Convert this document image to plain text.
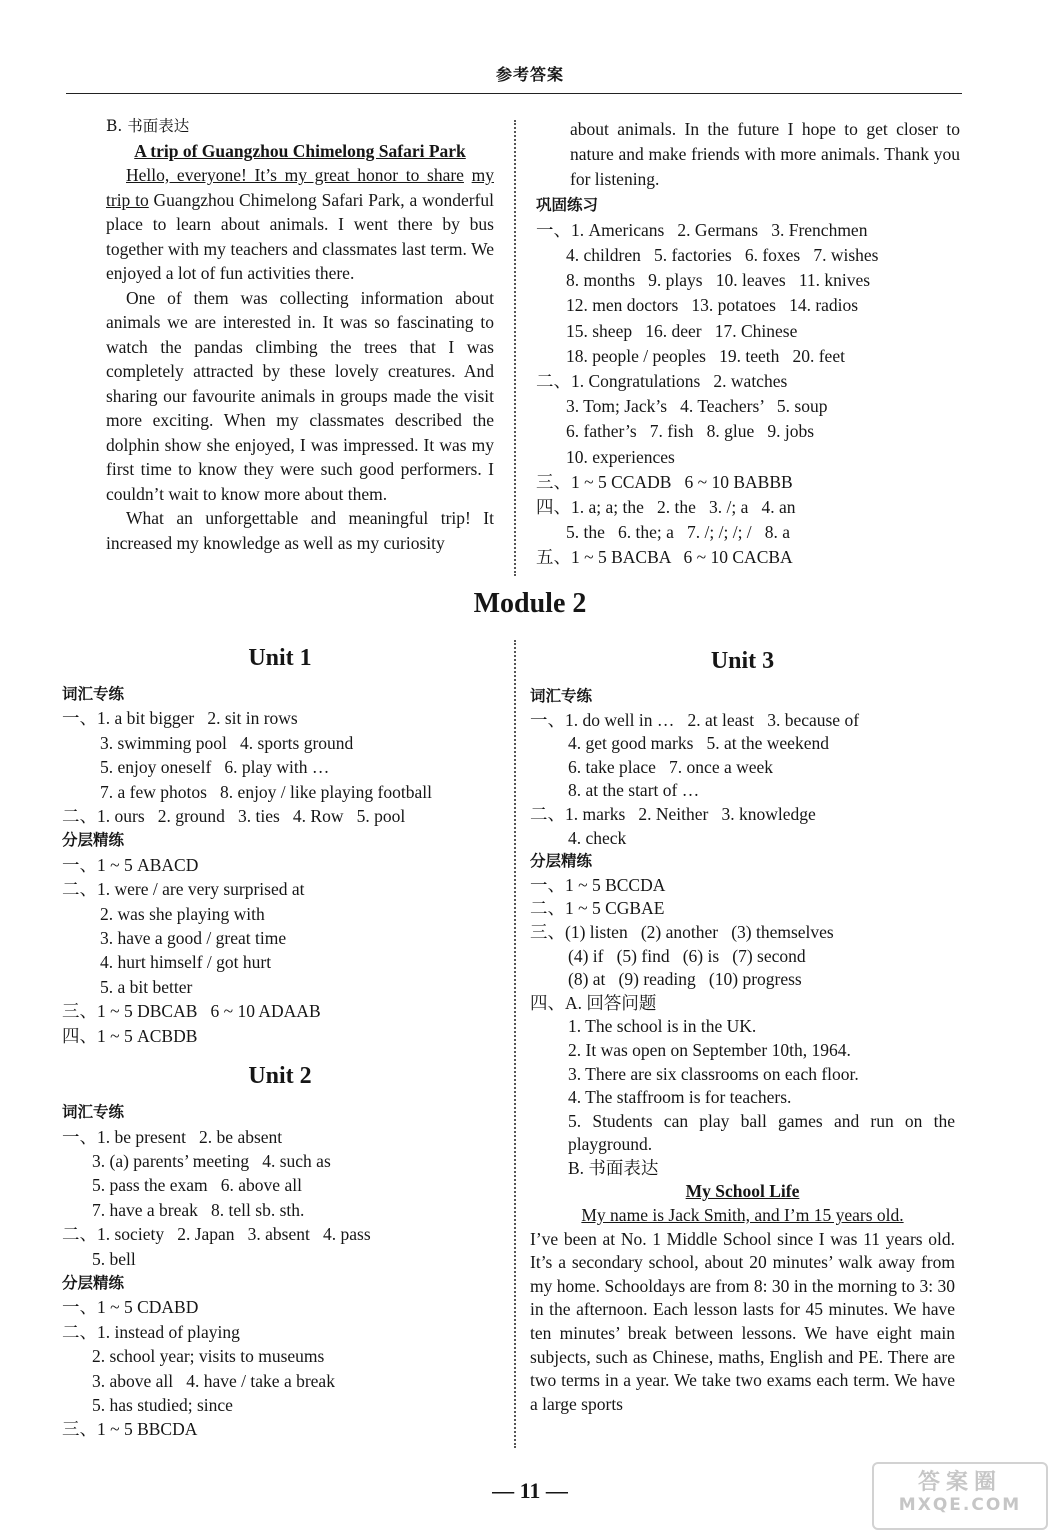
参考答案
B. 书面表达
A trip of Guangzhou Chimelong Safari Park

Hello, everyone! It’s my great honor to share my trip to Guangzhou Chimelong Safari Park, a wonderful place to learn about animals. I went there by bus together with my teachers and classmates last term. We enjoyed a lot of fun activities there.

One of them was collecting information about animals we are interested in. It was so fascinating to watch the pandas climbing the trees that I was completely attracted by these lovely creatures. And sharing our favourite animals in groups made the visit more exciting. When my classmates described the dolphin show she enjoyed, I was impressed. It was my first time to know they were such good performers. I couldn’t wait to know more about them.

What an unforgettable and meaningful trip! It increased my knowledge as well as my curiosity

about animals. In the future I hope to get closer to nature and make friends with more animals. Thank you for listening.

巩固练习
一、1. Americans   2. Germans   3. Frenchmen
4. children   5. factories   6. foxes   7. wishes
8. months   9. plays   10. leaves   11. knives
12. men doctors   13. potatoes   14. radios
15. sheep   16. deer   17. Chinese
18. people / peoples   19. teeth   20. feet
二、1. Congratulations   2. watches
3. Tom; Jack’s   4. Teachers’   5. soup
6. father’s   7. fish   8. glue   9. jobs
10. experiences
三、1 ~ 5 CCADB   6 ~ 10 BABBB
四、1. a; a; the   2. the   3. /; a   4. an
5. the   6. the; a   7. /; /; /; /   8. a
五、1 ~ 5 BACBA   6 ~ 10 CACBA
Module 2
Unit 1
词汇专练
一、1. a bit bigger   2. sit in rows
3. swimming pool   4. sports ground
5. enjoy oneself   6. play with …
7. a few photos   8. enjoy / like playing football
二、1. ours   2. ground   3. ties   4. Row   5. pool
分层精练
一、1 ~ 5 ABACD
二、1. were / are very surprised at
2. was she playing with
3. have a good / great time
4. hurt himself / got hurt
5. a bit better
三、1 ~ 5 DBCAB   6 ~ 10 ADAAB
四、1 ~ 5 ACBDB
Unit 2
词汇专练
一、1. be present   2. be absent
3. (a) parents’ meeting   4. such as
5. pass the exam   6. above all
7. have a break   8. tell sb. sth.
二、1. society   2. Japan   3. absent   4. pass
5. bell
分层精练
一、1 ~ 5 CDABD
二、1. instead of playing
2. school year; visits to museums
3. above all   4. have / take a break
5. has studied; since
三、1 ~ 5 BBCDA
Unit 3
词汇专练
一、1. do well in …   2. at least   3. because of
4. get good marks   5. at the weekend
6. take place   7. once a week
8. at the start of …
二、1. marks   2. Neither   3. knowledge
4. check
分层精练
一、1 ~ 5 BCCDA
二、1 ~ 5 CGBAE
三、(1) listen   (2) another   (3) themselves
(4) if   (5) find   (6) is   (7) second
(8) at   (9) reading   (10) progress
四、A. 回答问题
1. The school is in the UK.
2. It was open on September 10th, 1964.
3. There are six classrooms on each floor.
4. The staffroom is for teachers.

5. Students can play ball games and run on the playground.

B. 书面表达
My School Life
My name is Jack Smith, and I’m 15 years old.

I’ve been at No. 1 Middle School since I was 11 years old. It’s a secondary school, about 20 minutes’ walk away from my home. Schooldays are from 8: 30 in the morning to 3: 30 in the afternoon. Each lesson lasts for 45 minutes. We have ten minutes’ break between lessons. We have eight main subjects, such as Chinese, maths, English and PE. There are two terms in a year. We take two exams each term. We have a large sports

— 11 —	答案圈
MXQE.COM
